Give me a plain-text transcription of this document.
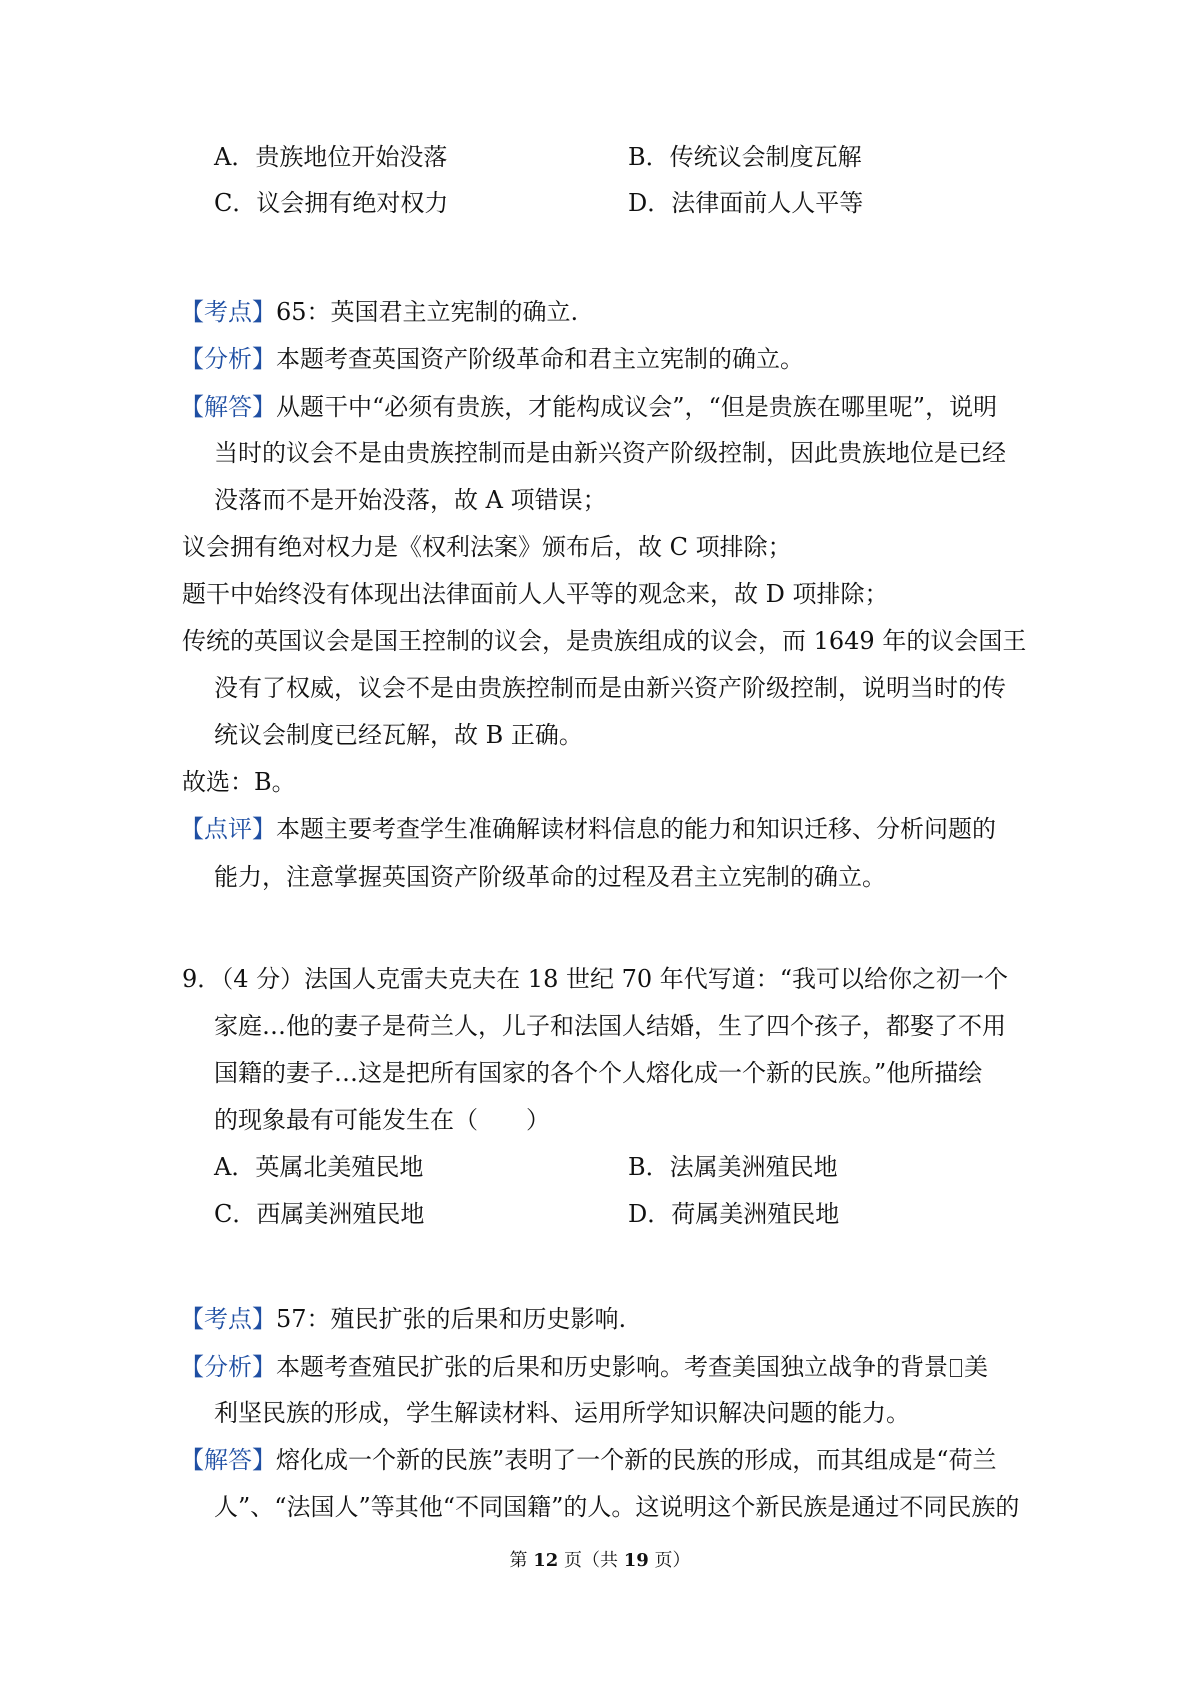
A．贵族地位开始没落	B．传统议会制度瓦解
C．议会拥有绝对权力	D．法律面前人人平等
【考点】65：英国君主立宪制的确立.
【分析】本题考查英国资产阶级革命和君主立宪制的确立。
【解答】从题干中“必须有贵族，才能构成议会”，“但是贵族在哪里呢”，说明
当时的议会不是由贵族控制而是由新兴资产阶级控制，因此贵族地位是已经
没落而不是开始没落，故 A 项错误；
议会拥有绝对权力是《权利法案》颁布后，故 C 项排除；
题干中始终没有体现出法律面前人人平等的观念来，故 D 项排除；
传统的英国议会是国王控制的议会，是贵族组成的议会，而 1649 年的议会国王
没有了权威，议会不是由贵族控制而是由新兴资产阶级控制，说明当时的传
统议会制度已经瓦解，故 B 正确。
故选：B。
【点评】本题主要考查学生准确解读材料信息的能力和知识迁移、分析问题的
能力，注意掌握英国资产阶级革命的过程及君主立宪制的确立。
9．（4 分）法国人克雷夫克夫在 18 世纪 70 年代写道：“我可以给你之初一个
家庭…他的妻子是荷兰人，儿子和法国人结婚，生了四个孩子，都娶了不用
国籍的妻子…这是把所有国家的各个个人熔化成一个新的民族。”他所描绘
的现象最有可能发生在（　　）
A．英属北美殖民地	B．法属美洲殖民地
C．西属美洲殖民地	D．荷属美洲殖民地
【考点】57：殖民扩张的后果和历史影响.
【分析】本题考查殖民扩张的后果和历史影响。考查美国独立战争的背景 美
利坚民族的形成，学生解读材料、运用所学知识解决问题的能力。
【解答】熔化成一个新的民族”表明了一个新的民族的形成，而其组成是“荷兰
人”、“法国人”等其他“不同国籍”的人。这说明这个新民族是通过不同民族的
第 12 页（共 19 页）
